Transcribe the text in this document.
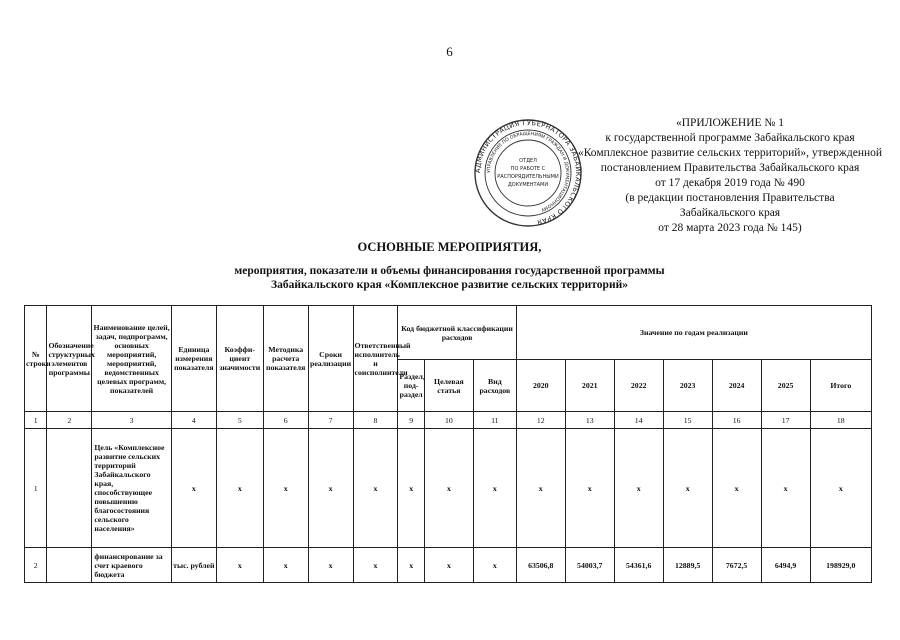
6
АДМИНИСТРАЦИЯ ГУБЕРНАТОРА ЗАБАЙКАЛЬСКОГО КРАЯ
УПРАВЛЕНИЕ ПО ОБРАЩЕНИЯМ ГРАЖДАН И ДОКУМЕНТАЦИОННОМУ
ОТДЕЛ
ПО РАБОТЕ С
РАСПОРЯДИТЕЛЬНЫМИ
ДОКУМЕНТАМИ
«ПРИЛОЖЕНИЕ № 1
к государственной программе Забайкальского края
«Комплексное развитие сельских территорий», утвержденной
постановлением Правительства Забайкальского края
от 17 декабря 2019 года № 490
(в редакции постановления Правительства
Забайкальского края
от 28 марта 2023 года № 145)
ОСНОВНЫЕ МЕРОПРИЯТИЯ,
мероприятия, показатели и объемы финансирования государственной программы
Забайкальского края «Комплексное развитие сельских территорий»
№ строки	Обозначение структурных элементов программы	Наименование целей, задач, подпрограмм, основных мероприятий, мероприятий, ведомственных целевых программ, показателей	Единица измерения показателя	Коэффи-циент значимости	Методика расчета показателя	Сроки реализации	Ответственный исполнитель и соисполнители	Код бюджетной классификации расходов			Значение по годам реализации						
								Раздел, под-раздел	Целевая статья	Вид расходов	2020	2021	2022	2023	2024	2025	Итого
1	2	3	4	5	6	7	8	9	10	11	12	13	14	15	16	17	18
1		Цель «Комплексное развитие сельских территорий Забайкальского края, способствующее повышению благосостояния сельского населения»	x	x	x	x	x	x	x	x	x	x	x	x	x	x	x
2		финансирование за счет краевого бюджета	тыс. рублей	x	x	x	x	x	x	x	63506,8	54003,7	54361,6	12889,5	7672,5	6494,9	198929,0
